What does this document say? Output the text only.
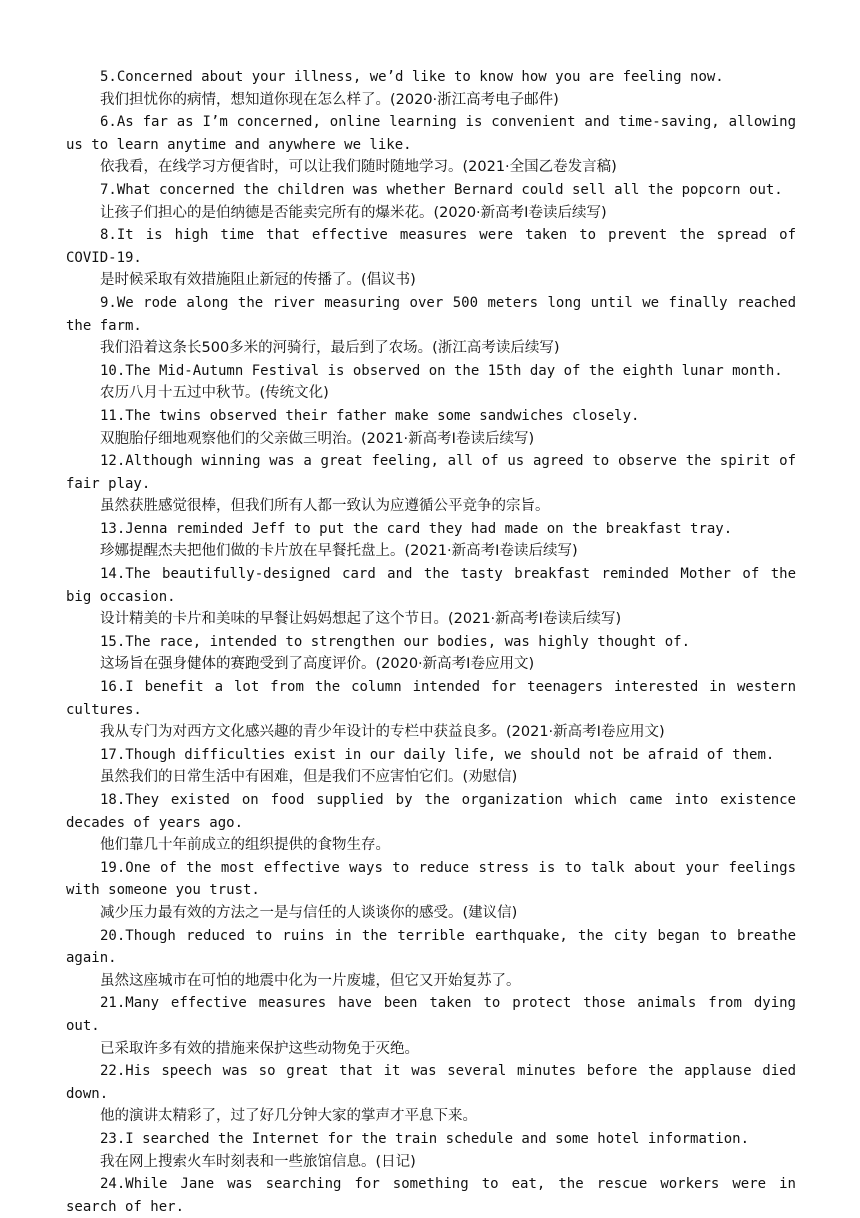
5.Concerned about your illness, we’d like to know how you are feeling now.

我们担忧你的病情，想知道你现在怎么样了。(2020·浙江高考电子邮件)

6.As far as I’m concerned, online learning is convenient and time-saving, allowing us to learn anytime and anywhere we like.

依我看，在线学习方便省时，可以让我们随时随地学习。(2021·全国乙卷发言稿)

7.What concerned the children was whether Bernard could sell all the popcorn out.

让孩子们担心的是伯纳德是否能卖完所有的爆米花。(2020·新高考Ⅰ卷读后续写)

8.It is high time that effective measures were taken to prevent the spread of COVID-19.

是时候采取有效措施阻止新冠的传播了。(倡议书)

9.We rode along the river measuring over 500 meters long until we finally reached the farm.

我们沿着这条长500多米的河骑行，最后到了农场。(浙江高考读后续写)

10.The Mid-Autumn Festival is observed on the 15th day of the eighth lunar month.

农历八月十五过中秋节。(传统文化)

11.The twins observed their father make some sandwiches closely.

双胞胎仔细地观察他们的父亲做三明治。(2021·新高考Ⅰ卷读后续写)

12.Although winning was a great feeling, all of us agreed to observe the spirit of fair play.

虽然获胜感觉很棒，但我们所有人都一致认为应遵循公平竞争的宗旨。

13.Jenna reminded Jeff to put the card they had made on the breakfast tray.

珍娜提醒杰夫把他们做的卡片放在早餐托盘上。(2021·新高考Ⅰ卷读后续写)

14.The beautifully-designed card and the tasty breakfast reminded Mother of the big occasion.

设计精美的卡片和美味的早餐让妈妈想起了这个节日。(2021·新高考Ⅰ卷读后续写)

15.The race, intended to strengthen our bodies, was highly thought of.

这场旨在强身健体的赛跑受到了高度评价。(2020·新高考Ⅰ卷应用文)

16.I benefit a lot from the column intended for teenagers interested in western cultures.

我从专门为对西方文化感兴趣的青少年设计的专栏中获益良多。(2021·新高考Ⅰ卷应用文)

17.Though difficulties exist in our daily life, we should not be afraid of them.

虽然我们的日常生活中有困难，但是我们不应害怕它们。(劝慰信)

18.They existed on food supplied by the organization which came into existence decades of years ago.

他们靠几十年前成立的组织提供的食物生存。

19.One of the most effective ways to reduce stress is to talk about your feelings with someone you trust.

减少压力最有效的方法之一是与信任的人谈谈你的感受。(建议信)

20.Though reduced to ruins in the terrible earthquake, the city began to breathe again.

虽然这座城市在可怕的地震中化为一片废墟，但它又开始复苏了。

21.Many effective measures have been taken to protect those animals from dying out.

已采取许多有效的措施来保护这些动物免于灭绝。

22.His speech was so great that it was several minutes before the applause died down.

他的演讲太精彩了，过了好几分钟大家的掌声才平息下来。

23.I searched the Internet for the train schedule and some hotel information.

我在网上搜索火车时刻表和一些旅馆信息。(日记)

24.While Jane was searching for something to eat, the rescue workers were in search of her.
